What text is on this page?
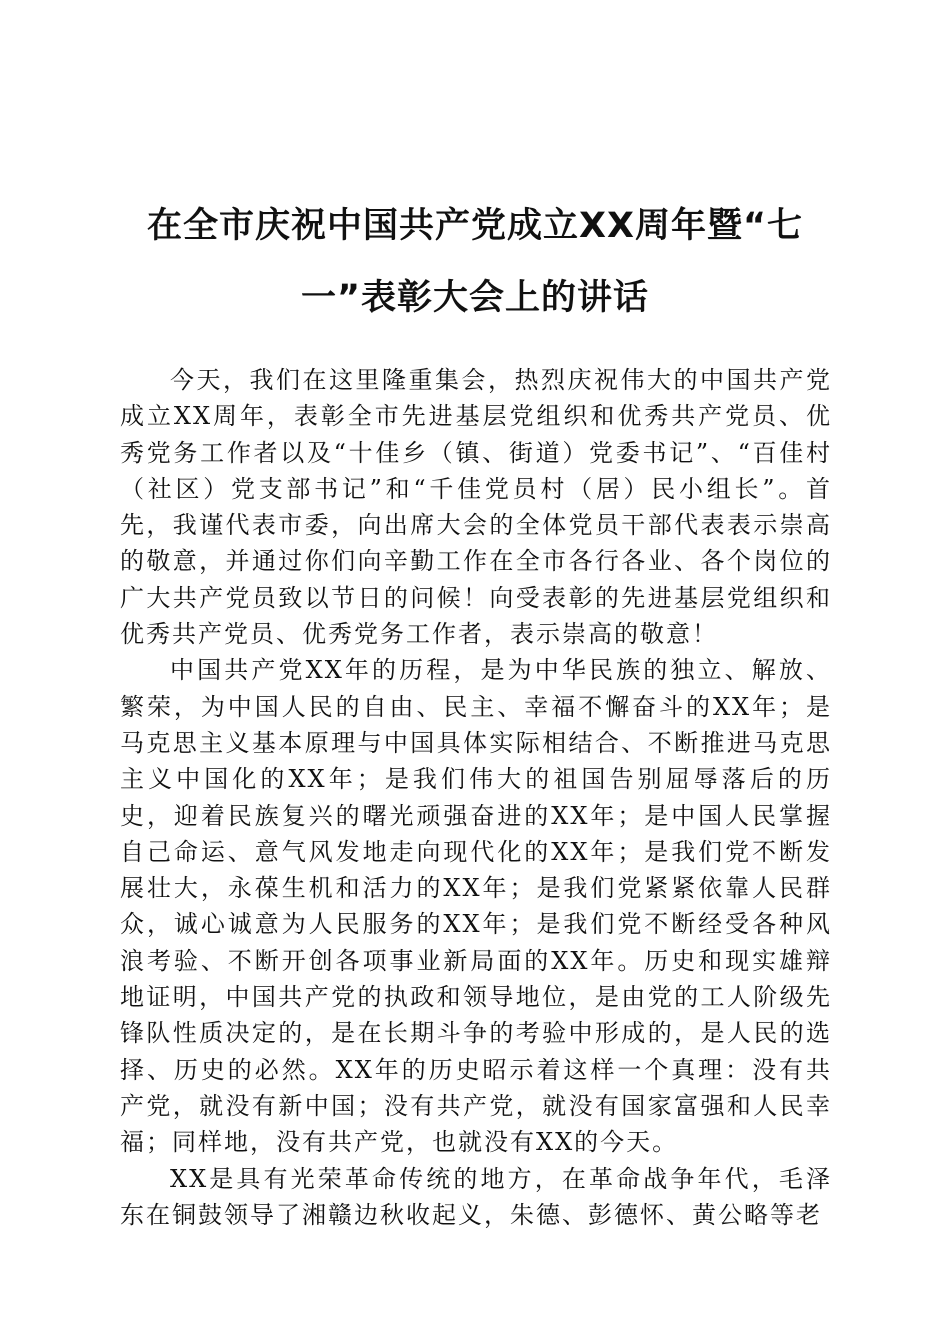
在全市庆祝中国共产党成立XX周年暨“七
一”表彰大会上的讲话

今天，我们在这里隆重集会，热烈庆祝伟大的中国共产党成立XX周年，表彰全市先进基层党组织和优秀共产党员、优秀党务工作者以及“十佳乡（镇、街道）党委书记”、“百佳村（社区）党支部书记”和“千佳党员村（居）民小组长”。首先，我谨代表市委，向出席大会的全体党员干部代表表示崇高的敬意，并通过你们向辛勤工作在全市各行各业、各个岗位的广大共产党员致以节日的问候！向受表彰的先进基层党组织和优秀共产党员、优秀党务工作者，表示崇高的敬意！

中国共产党XX年的历程，是为中华民族的独立、解放、繁荣，为中国人民的自由、民主、幸福不懈奋斗的XX年；是马克思主义基本原理与中国具体实际相结合、不断推进马克思主义中国化的XX年；是我们伟大的祖国告别屈辱落后的历史，迎着民族复兴的曙光顽强奋进的XX年；是中国人民掌握自己命运、意气风发地走向现代化的XX年；是我们党不断发展壮大，永葆生机和活力的XX年；是我们党紧紧依靠人民群众，诚心诚意为人民服务的XX年；是我们党不断经受各种风浪考验、不断开创各项事业新局面的XX年。历史和现实雄辩地证明，中国共产党的执政和领导地位，是由党的工人阶级先锋队性质决定的，是在长期斗争的考验中形成的，是人民的选择、历史的必然。XX年的历史昭示着这样一个真理：没有共产党，就没有新中国；没有共产党，就没有国家富强和人民幸福；同样地，没有共产党，也就没有XX的今天。

XX是具有光荣革命传统的地方，在革命战争年代，毛泽东在铜鼓领导了湘赣边秋收起义，朱德、彭德怀、黄公略等老
